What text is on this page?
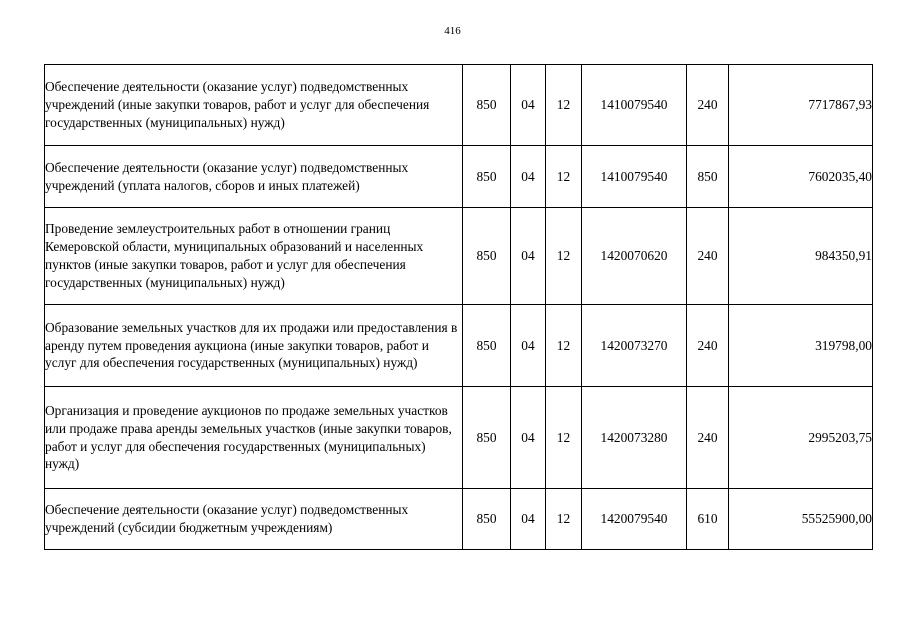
416
Обеспечение деятельности (оказание услуг) подведомственных учреждений (иные закупки товаров, работ и услуг для обеспечения государственных (муниципальных) нужд)	850	04	12	1410079540	240	7717867,93
Обеспечение деятельности (оказание услуг) подведомственных учреждений (уплата налогов, сборов и иных платежей)	850	04	12	1410079540	850	7602035,40
Проведение землеустроительных работ в отношении границ Кемеровской области, муниципальных образований и населенных пунктов (иные закупки товаров, работ и услуг для обеспечения государственных (муниципальных) нужд)	850	04	12	1420070620	240	984350,91
Образование земельных участков для их продажи или предоставления в аренду путем проведения аукциона (иные закупки товаров, работ и услуг для обеспечения государственных (муниципальных) нужд)	850	04	12	1420073270	240	319798,00
Организация и проведение аукционов по продаже земельных участков или продаже права аренды земельных участков (иные закупки товаров, работ и услуг для обеспечения государственных (муниципальных) нужд)	850	04	12	1420073280	240	2995203,75
Обеспечение деятельности (оказание услуг) подведомственных учреждений (субсидии бюджетным учреждениям)	850	04	12	1420079540	610	55525900,00
